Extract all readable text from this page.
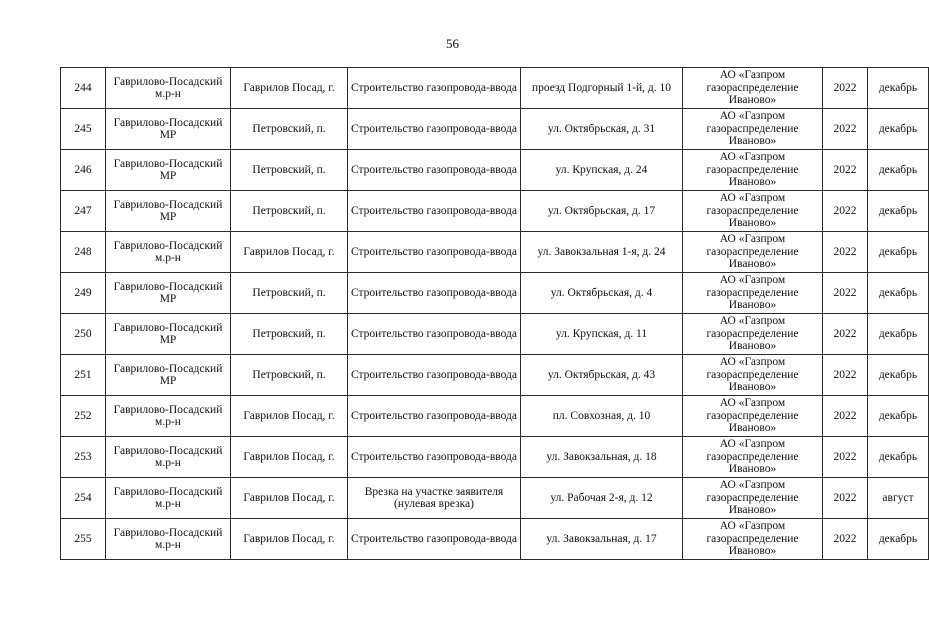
56
244	Гаврилово-Посадский м.р-н	Гаврилов Посад, г.	Строительство газопровода-ввода	проезд Подгорный 1-й, д. 10	АО «Газпром газораспределение Иваново»	2022	декабрь
245	Гаврилово-Посадский МР	Петровский, п.	Строительство газопровода-ввода	ул. Октябрьская, д. 31	АО «Газпром газораспределение Иваново»	2022	декабрь
246	Гаврилово-Посадский МР	Петровский, п.	Строительство газопровода-ввода	ул. Крупская, д. 24	АО «Газпром газораспределение Иваново»	2022	декабрь
247	Гаврилово-Посадский МР	Петровский, п.	Строительство газопровода-ввода	ул. Октябрьская, д. 17	АО «Газпром газораспределение Иваново»	2022	декабрь
248	Гаврилово-Посадский м.р-н	Гаврилов Посад, г.	Строительство газопровода-ввода	ул. Завокзальная 1-я, д. 24	АО «Газпром газораспределение Иваново»	2022	декабрь
249	Гаврилово-Посадский МР	Петровский, п.	Строительство газопровода-ввода	ул. Октябрьская, д. 4	АО «Газпром газораспределение Иваново»	2022	декабрь
250	Гаврилово-Посадский МР	Петровский, п.	Строительство газопровода-ввода	ул. Крупская, д. 11	АО «Газпром газораспределение Иваново»	2022	декабрь
251	Гаврилово-Посадский МР	Петровский, п.	Строительство газопровода-ввода	ул. Октябрьская, д. 43	АО «Газпром газораспределение Иваново»	2022	декабрь
252	Гаврилово-Посадский м.р-н	Гаврилов Посад, г.	Строительство газопровода-ввода	пл. Совхозная, д. 10	АО «Газпром газораспределение Иваново»	2022	декабрь
253	Гаврилово-Посадский м.р-н	Гаврилов Посад, г.	Строительство газопровода-ввода	ул. Завокзальная, д. 18	АО «Газпром газораспределение Иваново»	2022	декабрь
254	Гаврилово-Посадский м.р-н	Гаврилов Посад, г.	Врезка на участке заявителя (нулевая врезка)	ул. Рабочая 2-я, д. 12	АО «Газпром газораспределение Иваново»	2022	август
255	Гаврилово-Посадский м.р-н	Гаврилов Посад, г.	Строительство газопровода-ввода	ул. Завокзальная, д. 17	АО «Газпром газораспределение Иваново»	2022	декабрь
